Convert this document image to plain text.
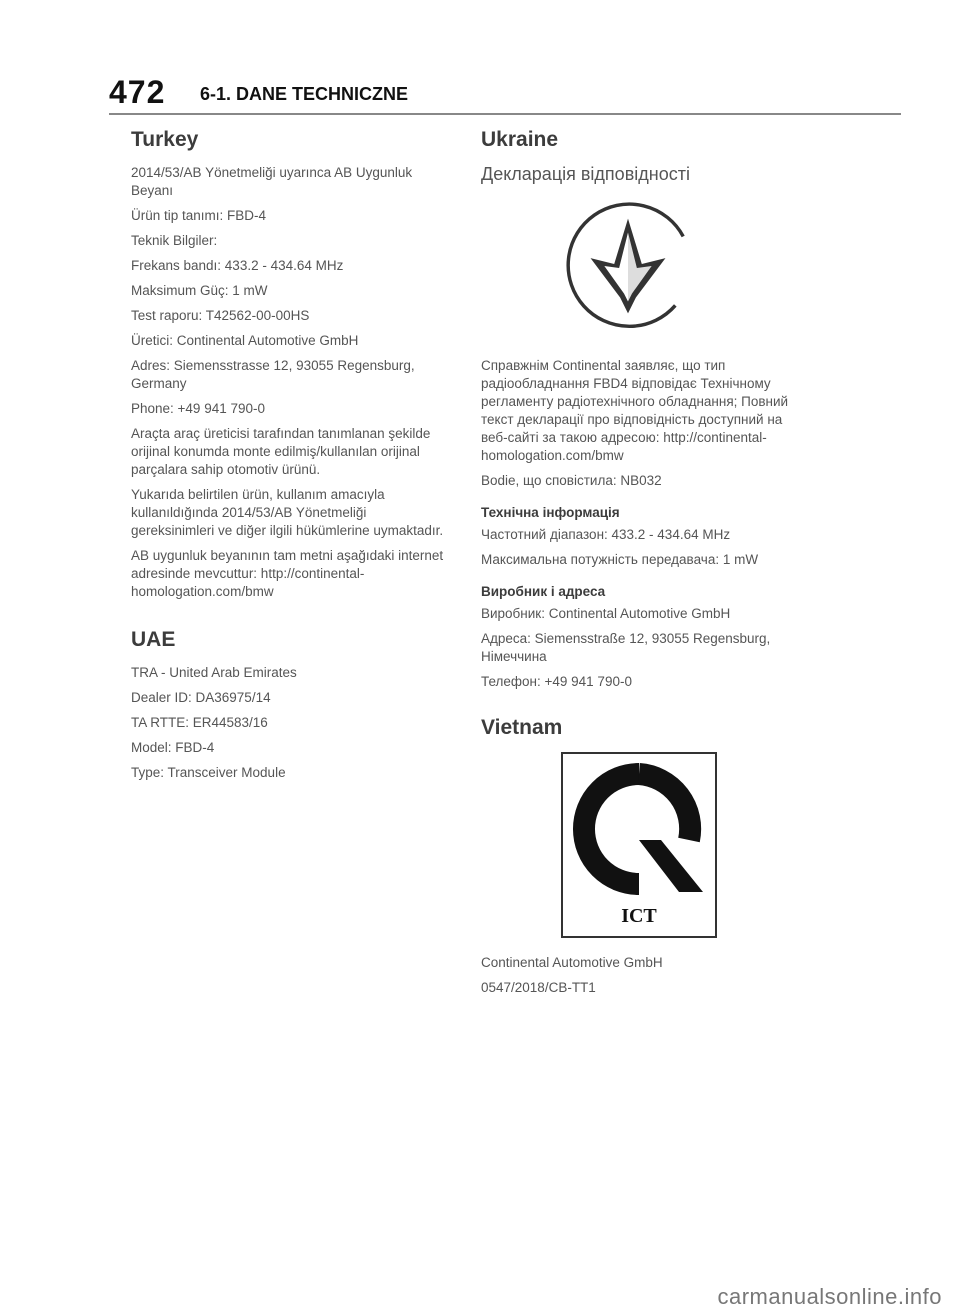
472 6-1. DANE TECHNICZNE
Turkey

2014/53/AB Yönetmeliği uyarınca AB Uygunluk Beyanı

Ürün tip tanımı: FBD-4

Teknik Bilgiler:

Frekans bandı: 433.2 - 434.64 MHz

Maksimum Güç: 1 mW

Test raporu: T42562-00-00HS

Üretici: Continental Automotive GmbH

Adres: Siemensstrasse 12, 93055 Regensburg, Germany

Phone: +49 941 790-0

Araçta araç üreticisi tarafından tanımlanan şekilde orijinal konumda monte edilmiş/kullanılan orijinal parçalara sahip otomotiv ürünü.

Yukarıda belirtilen ürün, kullanım amacıyla kullanıldığında 2014/53/AB Yönetmeliği gereksinimleri ve diğer ilgili hükümlerine uymaktadır.

AB uygunluk beyanının tam metni aşağıdaki internet adresinde mevcuttur: http://continental-homologation.com/bmw

UAE

TRA - United Arab Emirates

Dealer ID: DA36975/14

TA RTTE: ER44583/16

Model: FBD-4

Type: Transceiver Module

Ukraine
Декларація відповідності

Справжнім Continental заявляє, що тип радіообладнання FBD4 відповідає Технічному регламенту радіотехнічного обладнання; Повний текст декларації про відповідність доступний на веб-сайті за такою адресою: http://continental-homologation.com/bmw

Bodie, що сповістила: NB032

Технічна інформація

Частотний діапазон: 433.2 - 434.64 MHz

Максимальна потужність передавача: 1 mW

Виробник і адреса

Виробник: Continental Automotive GmbH

Адреса: Siemensstraße 12, 93055 Regensburg, Німеччина

Телефон: +49 941 790-0

Vietnam
ICT

Continental Automotive GmbH

0547/2018/CB-TT1

carmanualsonline.info
